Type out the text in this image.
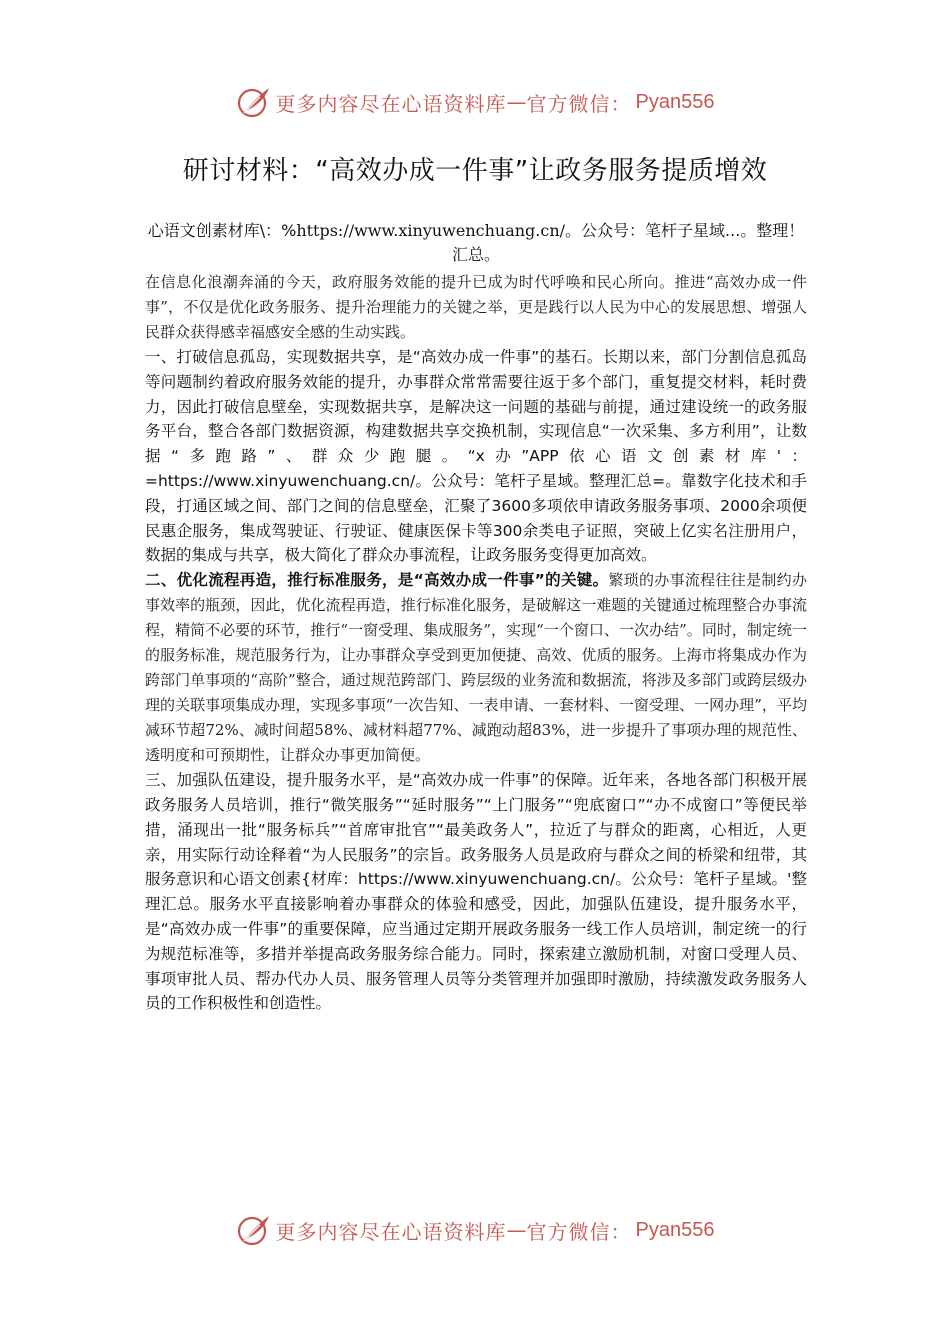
更多内容尽在心语资料库 — 官方微信： Pyan556
研讨材料：“高效办成一件事”让政务服务提质增效
心语文创素材库\：%https://www.xinyuwenchuang.cn/。公众号：笔杆子星域...。整理！汇总。

在信息化浪潮奔涌的今天，政府服务效能的提升已成为时代呼唤和民心所向。推进“高效办成一件事”，不仅是优化政务服务、提升治理能力的关键之举，更是践行以人民为中心的发展思想、增强人民群众获得感幸福感安全感的生动实践。

一、打破信息孤岛，实现数据共享，是“高效办成一件事”的基石。长期以来，部门分割信息孤岛等问题制约着政府服务效能的提升，办事群众常常需要往返于多个部门，重复提交材料，耗时费力，因此打破信息壁垒，实现数据共享，是解决这一问题的基础与前提，通过建设统一的政务服务平台，整合各部门数据资源，构建数据共享交换机制，实现信息“一次采集、多方利用”，让数据“多跑路”、群众少跑腿。“x办”APP依心语文创素材库'：=https://www.xinyuwenchuang.cn/。公众号：笔杆子星域。整理汇总=。靠数字化技术和手段，打通区域之间、部门之间的信息壁垒，汇聚了3600多项依申请政务服务事项、2000余项便民惠企服务，集成驾驶证、行驶证、健康医保卡等300余类电子证照，突破上亿实名注册用户，数据的集成与共享，极大简化了群众办事流程，让政务服务变得更加高效。

二、优化流程再造，推行标准服务，是“高效办成一件事”的关键。繁琐的办事流程往往是制约办事效率的瓶颈，因此，优化流程再造，推行标准化服务，是破解这一难题的关键通过梳理整合办事流程，精简不必要的环节，推行“一窗受理、集成服务”，实现“一个窗口、一次办结”。同时，制定统一的服务标准，规范服务行为，让办事群众享受到更加便捷、高效、优质的服务。上海市将集成办作为跨部门单事项的“高阶”整合，通过规范跨部门、跨层级的业务流和数据流，将涉及多部门或跨层级办理的关联事项集成办理，实现多事项“一次告知、一表申请、一套材料、一窗受理、一网办理”，平均减环节超72%、减时间超58%、减材料超77%、减跑动超83%，进一步提升了事项办理的规范性、透明度和可预期性，让群众办事更加简便。

三、加强队伍建设，提升服务水平，是“高效办成一件事”的保障。近年来，各地各部门积极开展政务服务人员培训，推行“微笑服务”“延时服务”“上门服务”“兜底窗口”“办不成窗口”等便民举措，涌现出一批“服务标兵”“首席审批官”“最美政务人”，拉近了与群众的距离，心相近，人更亲，用实际行动诠释着“为人民服务”的宗旨。政务服务人员是政府与群众之间的桥梁和纽带，其服务意识和心语文创素{材库：https://www.xinyuwenchuang.cn/。公众号：笔杆子星域。'整理汇总。服务水平直接影响着办事群众的体验和感受，因此，加强队伍建设，提升服务水平，是“高效办成一件事”的重要保障，应当通过定期开展政务服务一线工作人员培训，制定统一的行为规范标准等，多措并举提高政务服务综合能力。同时，探索建立激励机制，对窗口受理人员、事项审批人员、帮办代办人员、服务管理人员等分类管理并加强即时激励，持续激发政务服务人员的工作积极性和创造性。

更多内容尽在心语资料库 — 官方微信： Pyan556
